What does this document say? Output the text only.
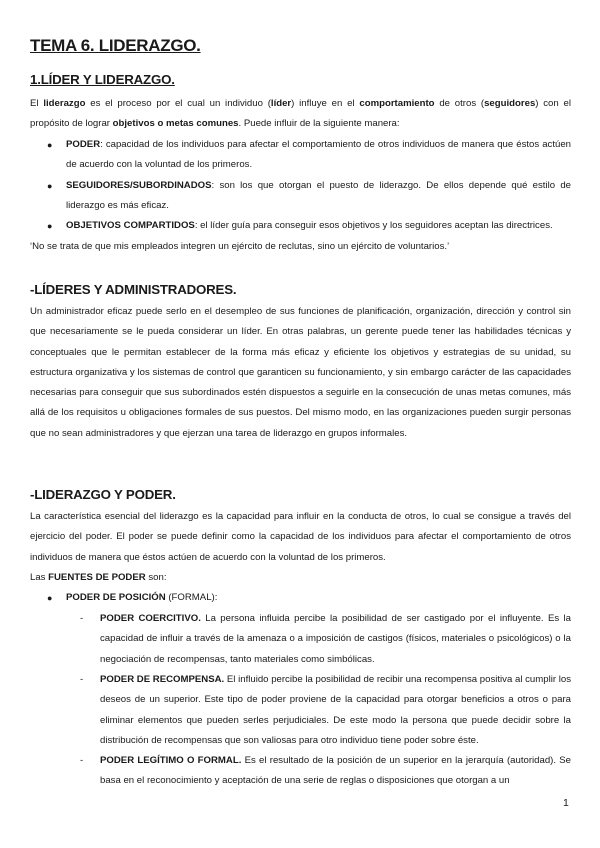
TEMA 6. LIDERAZGO.
1.LÍDER Y LIDERAZGO.

El liderazgo es el proceso por el cual un individuo (líder) influye en el comportamiento de otros (seguidores) con el propósito de lograr objetivos o metas comunes. Puede influir de la siguiente manera:

● PODER: capacidad de los individuos para afectar el comportamiento de otros individuos de manera que éstos actúen de acuerdo con la voluntad de los primeros.

● SEGUIDORES/SUBORDINADOS: son los que otorgan el puesto de liderazgo. De ellos depende qué estilo de liderazgo es más eficaz.

● OBJETIVOS COMPARTIDOS: el líder guía para conseguir esos objetivos y los seguidores aceptan las directrices.

‘No se trata de que mis empleados integren un ejército de reclutas, sino un ejército de voluntarios.’

-LÍDERES Y ADMINISTRADORES.

Un administrador eficaz puede serlo en el desempleo de sus funciones de planificación, organización, dirección y control sin que necesariamente se le pueda considerar un líder. En otras palabras, un gerente puede tener las habilidades técnicas y conceptuales que le permitan establecer de la forma más eficaz y eficiente los objetivos y estrategias de su unidad, su estructura organizativa y los sistemas de control que garanticen su funcionamiento, y sin embargo carácter de las capacidades necesarias para conseguir que sus subordinados estén dispuestos a seguirle en la consecución de unas metas comunes, más allá de los requisitos u obligaciones formales de sus puestos. Del mismo modo, en las organizaciones pueden surgir personas que no sean administradores y que ejerzan una tarea de liderazgo en grupos informales.

-LIDERAZGO Y PODER.

La característica esencial del liderazgo es la capacidad para influir en la conducta de otros, lo cual se consigue a través del ejercicio del poder. El poder se puede definir como la capacidad de los individuos para afectar el comportamiento de otros individuos de manera que éstos actúen de acuerdo con la voluntad de los primeros.

Las FUENTES DE PODER son:

● PODER DE POSICIÓN (FORMAL):

- PODER COERCITIVO. La persona influida percibe la posibilidad de ser castigado por el influyente. Es la capacidad de influir a través de la amenaza o a imposición de castigos (físicos, materiales o psicológicos) o la negociación de recompensas, tanto materiales como simbólicas.

- PODER DE RECOMPENSA. El influido percibe la posibilidad de recibir una recompensa positiva al cumplir los deseos de un superior. Este tipo de poder proviene de la capacidad para otorgar beneficios a otros o para eliminar elementos que pueden serles perjudiciales. De este modo la persona que puede decidir sobre la distribución de recompensas que son valiosas para otro individuo tiene poder sobre éste.

- PODER LEGÍTIMO O FORMAL. Es el resultado de la posición de un superior en la jerarquía (autoridad). Se basa en el reconocimiento y aceptación de una serie de reglas o disposiciones que otorgan a un

1
